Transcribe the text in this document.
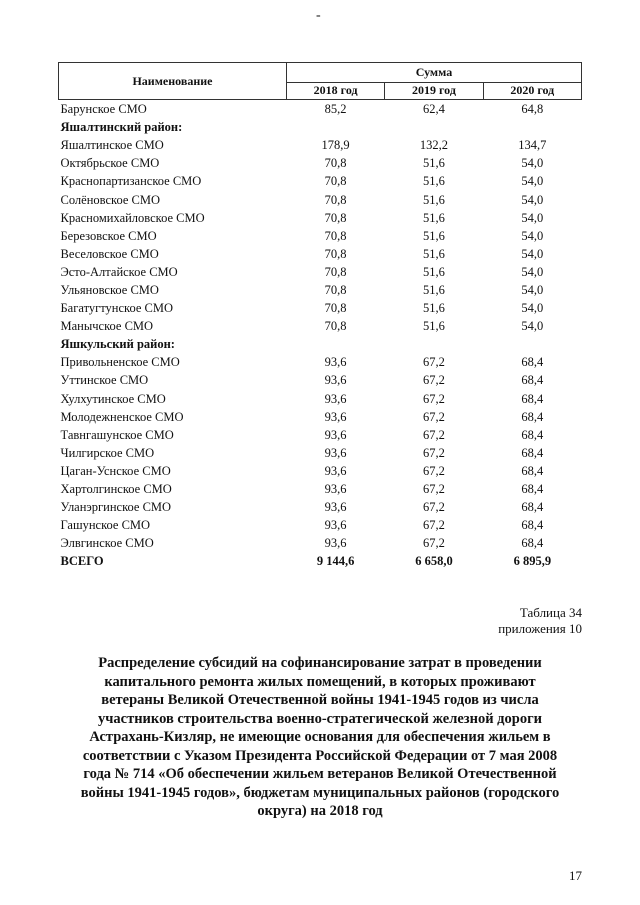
-
Наименование	Сумма		
	2018 год	2019 год	2020 год
Барунское СМО	85,2	62,4	64,8
Яшалтинский район:			
Яшалтинское СМО	178,9	132,2	134,7
Октябрьское СМО	70,8	51,6	54,0
Краснопартизанское СМО	70,8	51,6	54,0
Солёновское СМО	70,8	51,6	54,0
Красномихайловское СМО	70,8	51,6	54,0
Березовское СМО	70,8	51,6	54,0
Веселовское СМО	70,8	51,6	54,0
Эсто-Алтайское СМО	70,8	51,6	54,0
Ульяновское СМО	70,8	51,6	54,0
Багатугтунское СМО	70,8	51,6	54,0
Манычское СМО	70,8	51,6	54,0
Яшкульский район:			
Привольненское СМО	93,6	67,2	68,4
Уттинское СМО	93,6	67,2	68,4
Хулхутинское СМО	93,6	67,2	68,4
Молодежненское СМО	93,6	67,2	68,4
Тавнгашунское СМО	93,6	67,2	68,4
Чилгирское СМО	93,6	67,2	68,4
Цаган-Уснское СМО	93,6	67,2	68,4
Хартолгинское СМО	93,6	67,2	68,4
Уланэргинское СМО	93,6	67,2	68,4
Гашунское СМО	93,6	67,2	68,4
Элвгинское СМО	93,6	67,2	68,4
ВСЕГО	9 144,6	6 658,0	6 895,9
Таблица 34
приложения 10
Распределение субсидий на софинансирование затрат в проведении капитального ремонта жилых помещений, в которых проживают ветераны Великой Отечественной войны 1941-1945 годов из числа участников строительства военно-стратегической железной дороги Астрахань-Кизляр, не имеющие основания для обеспечения жильем в соответствии с Указом Президента Российской Федерации от 7 мая 2008 года № 714 «Об обеспечении жильем ветеранов Великой Отечественной войны 1941-1945 годов», бюджетам муниципальных районов (городского округа) на 2018 год
17
